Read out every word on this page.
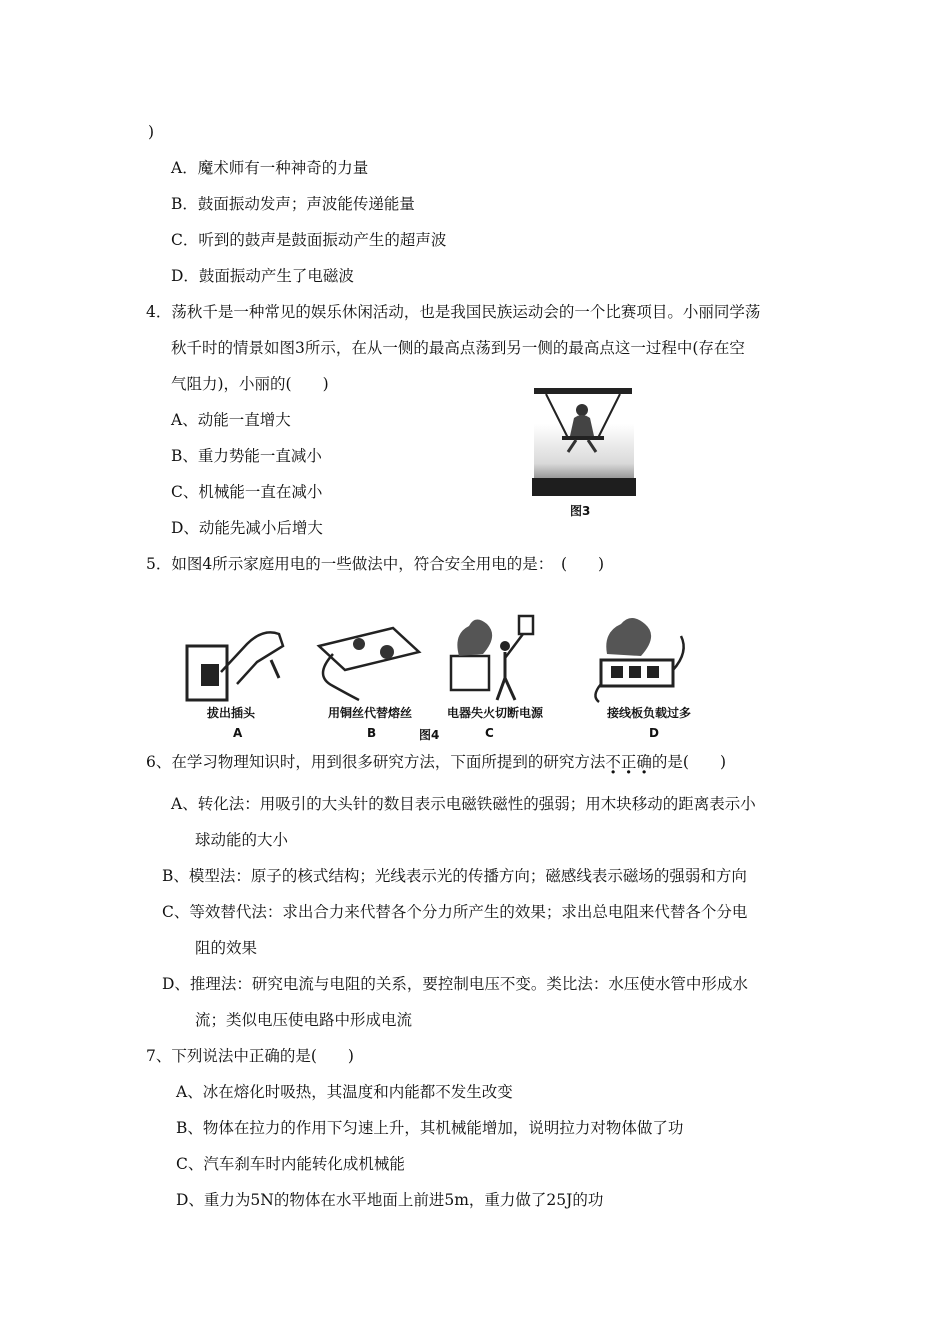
)
A．魔术师有一种神奇的力量
B．鼓面振动发声；声波能传递能量
C．听到的鼓声是鼓面振动产生的超声波
D．鼓面振动产生了电磁波
4．荡秋千是一种常见的娱乐休闲活动，也是我国民族运动会的一个比赛项目。小丽同学荡
秋千时的情景如图3所示，在从一侧的最高点荡到另一侧的最高点这一过程中(存在空
气阻力)，小丽的(　　)
A、动能一直增大
B、重力势能一直减小
C、机械能一直在减小
D、动能先减小后增大
图3
5．如图4所示家庭用电的一些做法中，符合安全用电的是：　(　　)
拔出插头
A
用铜丝代替熔丝
B	图4
电器失火切断电源
C
接线板负载过多
D
6、在学习物理知识时，用到很多研究方法，下面所提到的研究方法不正确的是(　　)
A、转化法：用吸引的大头针的数目表示电磁铁磁性的强弱；用木块移动的距离表示小
球动能的大小
B、模型法：原子的核式结构；光线表示光的传播方向；磁感线表示磁场的强弱和方向
C、等效替代法：求出合力来代替各个分力所产生的效果；求出总电阻来代替各个分电
阻的效果
D、推理法：研究电流与电阻的关系，要控制电压不变。类比法：水压使水管中形成水
流；类似电压使电路中形成电流
7、下列说法中正确的是(　　)
A、冰在熔化时吸热，其温度和内能都不发生改变
B、物体在拉力的作用下匀速上升，其机械能增加，说明拉力对物体做了功
C、汽车刹车时内能转化成机械能
D、重力为5N的物体在水平地面上前进5m，重力做了25J的功
